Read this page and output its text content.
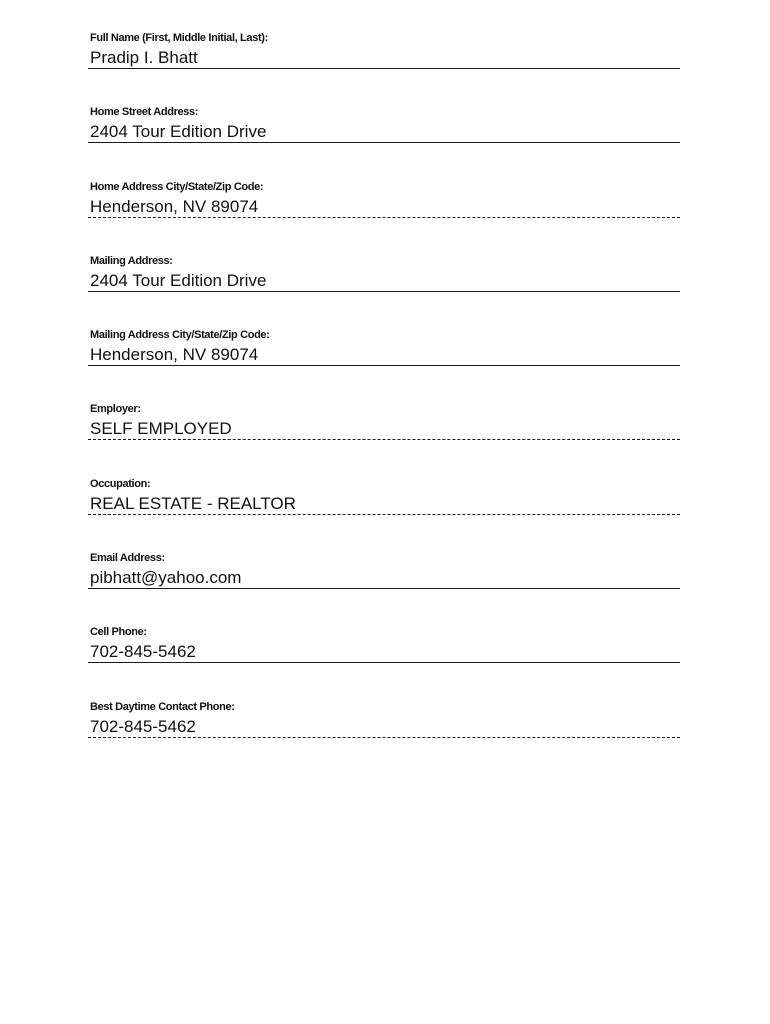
Full Name (First, Middle Initial, Last):
Pradip I. Bhatt
Home Street Address:
2404 Tour Edition Drive
Home Address City/State/Zip Code:
Henderson, NV 89074
Mailing Address:
2404 Tour Edition Drive
Mailing Address City/State/Zip Code:
Henderson, NV 89074
Employer:
SELF EMPLOYED
Occupation:
REAL ESTATE - REALTOR
Email Address:
pibhatt@yahoo.com
Cell Phone:
702-845-5462
Best Daytime Contact Phone:
702-845-5462
